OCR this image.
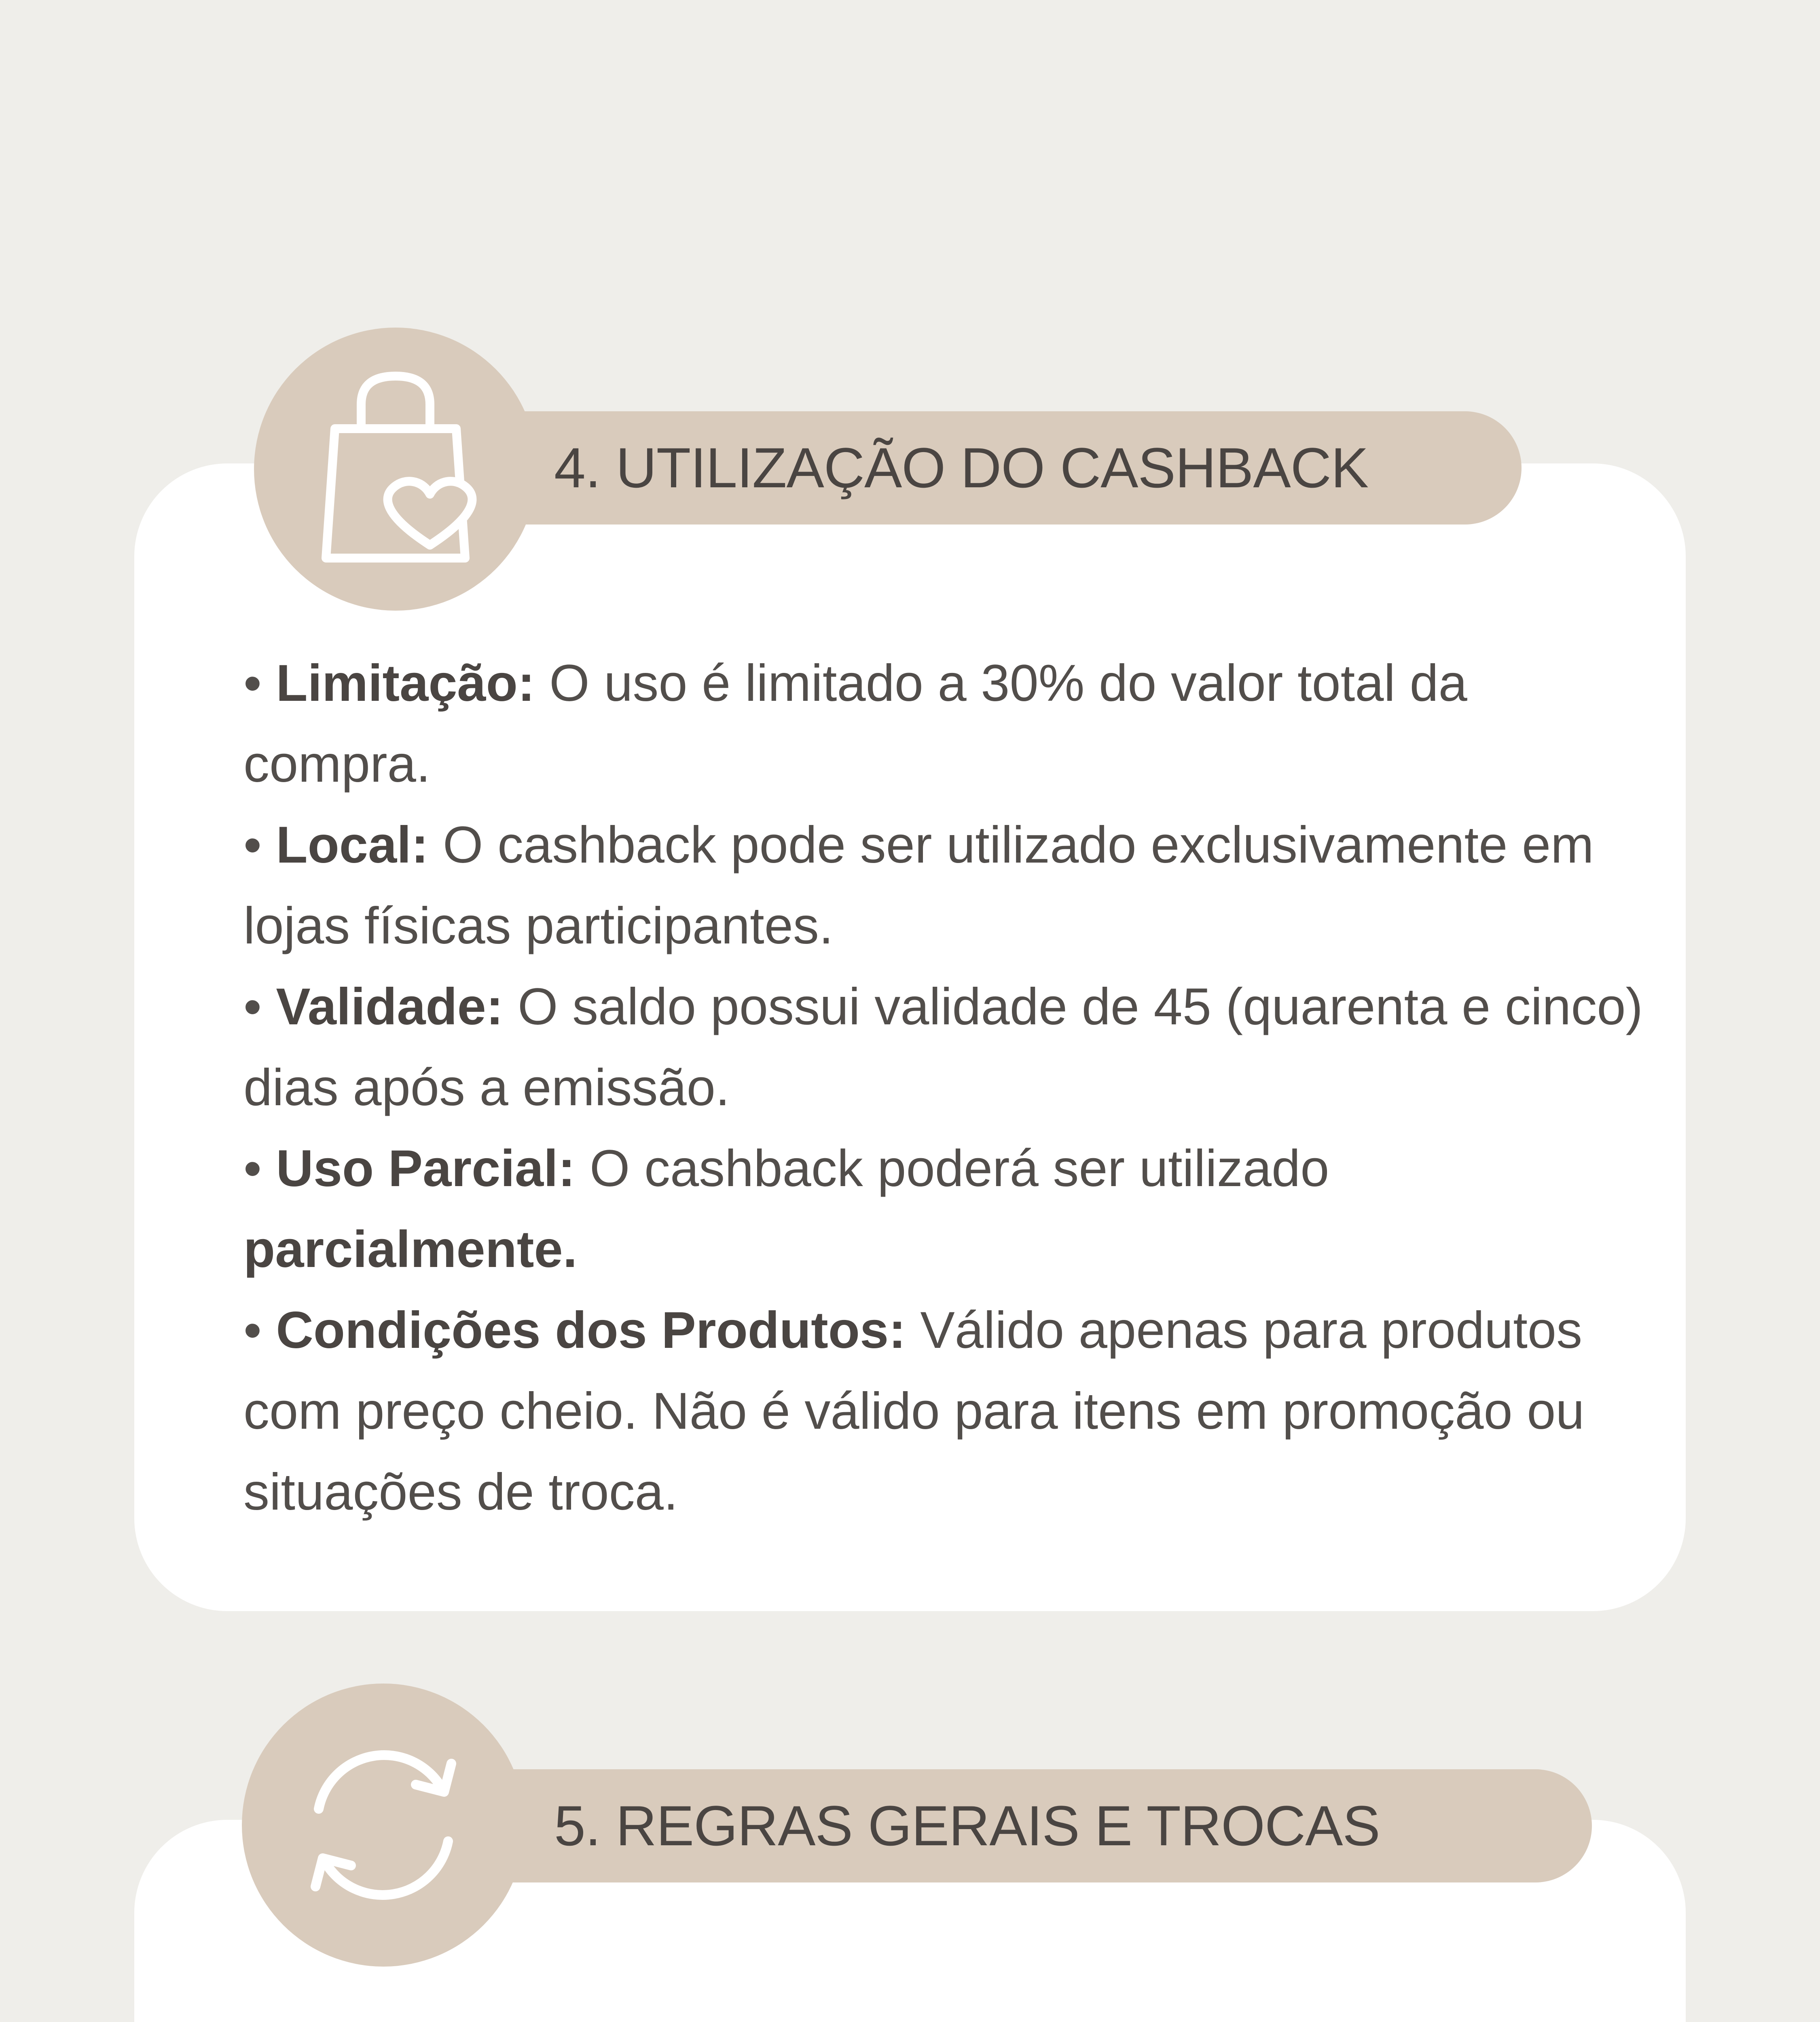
4. UTILIZAÇÃO DO CASHBACK

• Limitação: O uso é limitado a 30% do valor total da compra.

• Local: O cashback pode ser utilizado exclusivamente em lojas físicas participantes.

• Validade: O saldo possui validade de 45 (quarenta e cinco) dias após a emissão.

• Uso Parcial: O cashback poderá ser utilizado parcialmente.

• Condições dos Produtos: Válido apenas para produtos com preço cheio. Não é válido para itens em promoção ou situações de troca.

5. REGRAS GERAIS E TROCAS
